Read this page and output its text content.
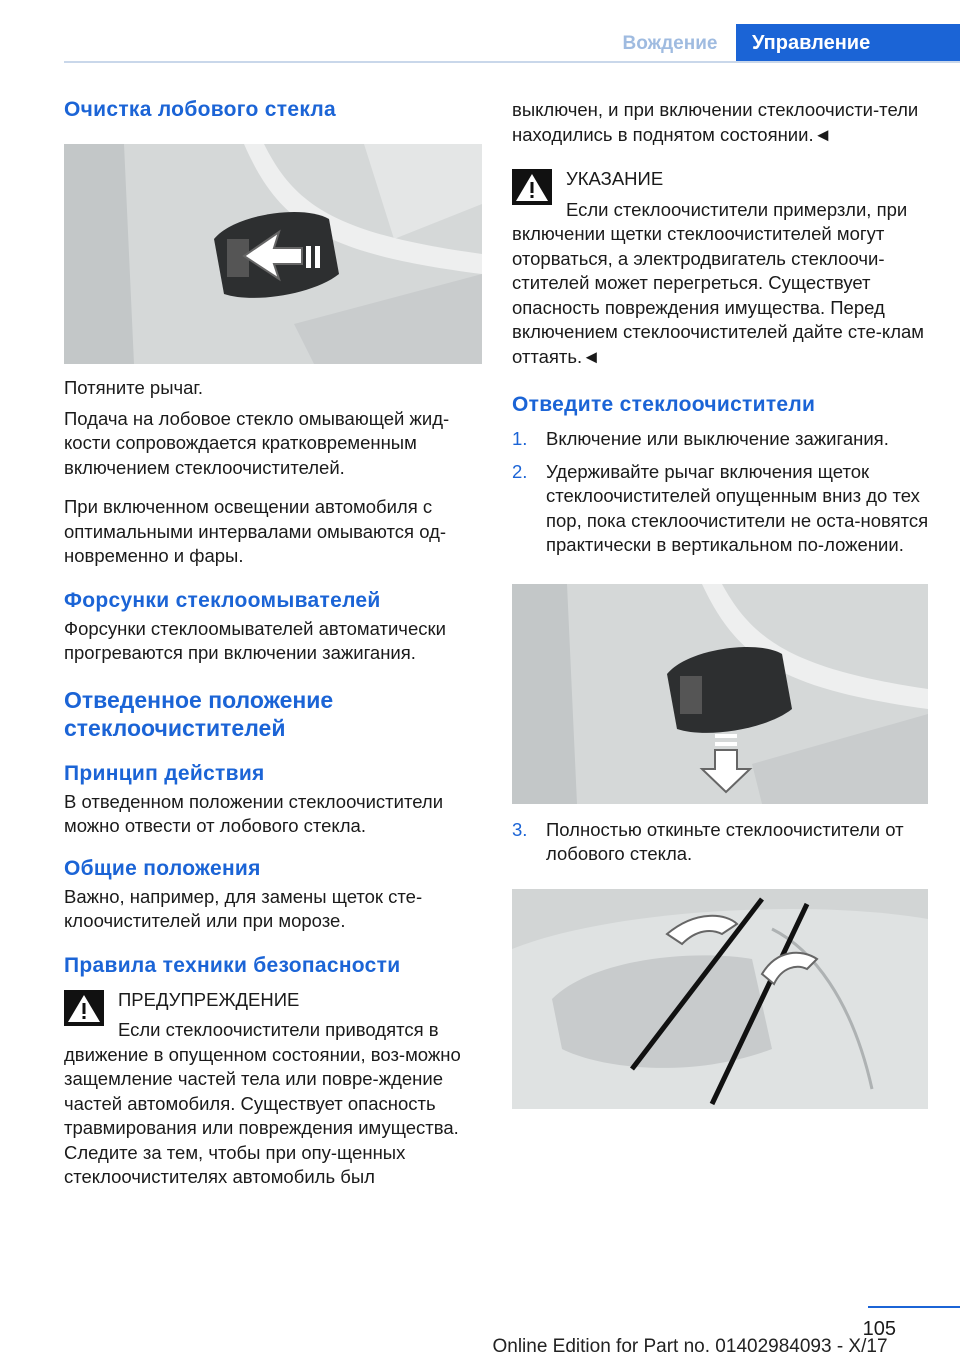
Вождение	Управление
Очистка лобового стекла

Потяните рычаг.

Подача на лобовое стекло омывающей жид-кости сопровождается кратковременным включением стеклоочистителей.

При включенном освещении автомобиля с оптимальными интервалами омываются од-новременно и фары.

Форсунки стеклоомывателей

Форсунки стеклоомывателей автоматически прогреваются при включении зажигания.

Отведенное положение стеклоочистителей
Принцип действия

В отведенном положении стеклоочистители можно отвести от лобового стекла.

Общие положения

Важно, например, для замены щеток сте-клоочистителей или при морозе.

Правила техники безопасности
ПРЕДУПРЕЖДЕНИЕ

Если стеклоочистители приводятся в движение в опущенном состоянии, воз-можно защемление частей тела или повре-ждение частей автомобиля. Существует опасность травмирования или повреждения имущества. Следите за тем, чтобы при опу-щенных стеклоочистителях автомобиль был

выключен, и при включении стеклоочисти-тели находились в поднятом состоянии.◄

УКАЗАНИЕ

Если стеклоочистители примерзли, при включении щетки стеклоочистителей могут оторваться, а электродвигатель стеклоочи-стителей может перегреться. Существует опасность повреждения имущества. Перед включением стеклоочистителей дайте сте-клам оттаять.◄

Отведите стеклоочистители
1. Включение или выключение зажигания.
2. Удерживайте рычаг включения щеток стеклоочистителей опущенным вниз до тех пор, пока стеклоочистители не оста-новятся практически в вертикальном по-ложении.
3. Полностью откиньте стеклоочистители от лобового стекла.
105
Online Edition for Part no. 01402984093 - X/17
